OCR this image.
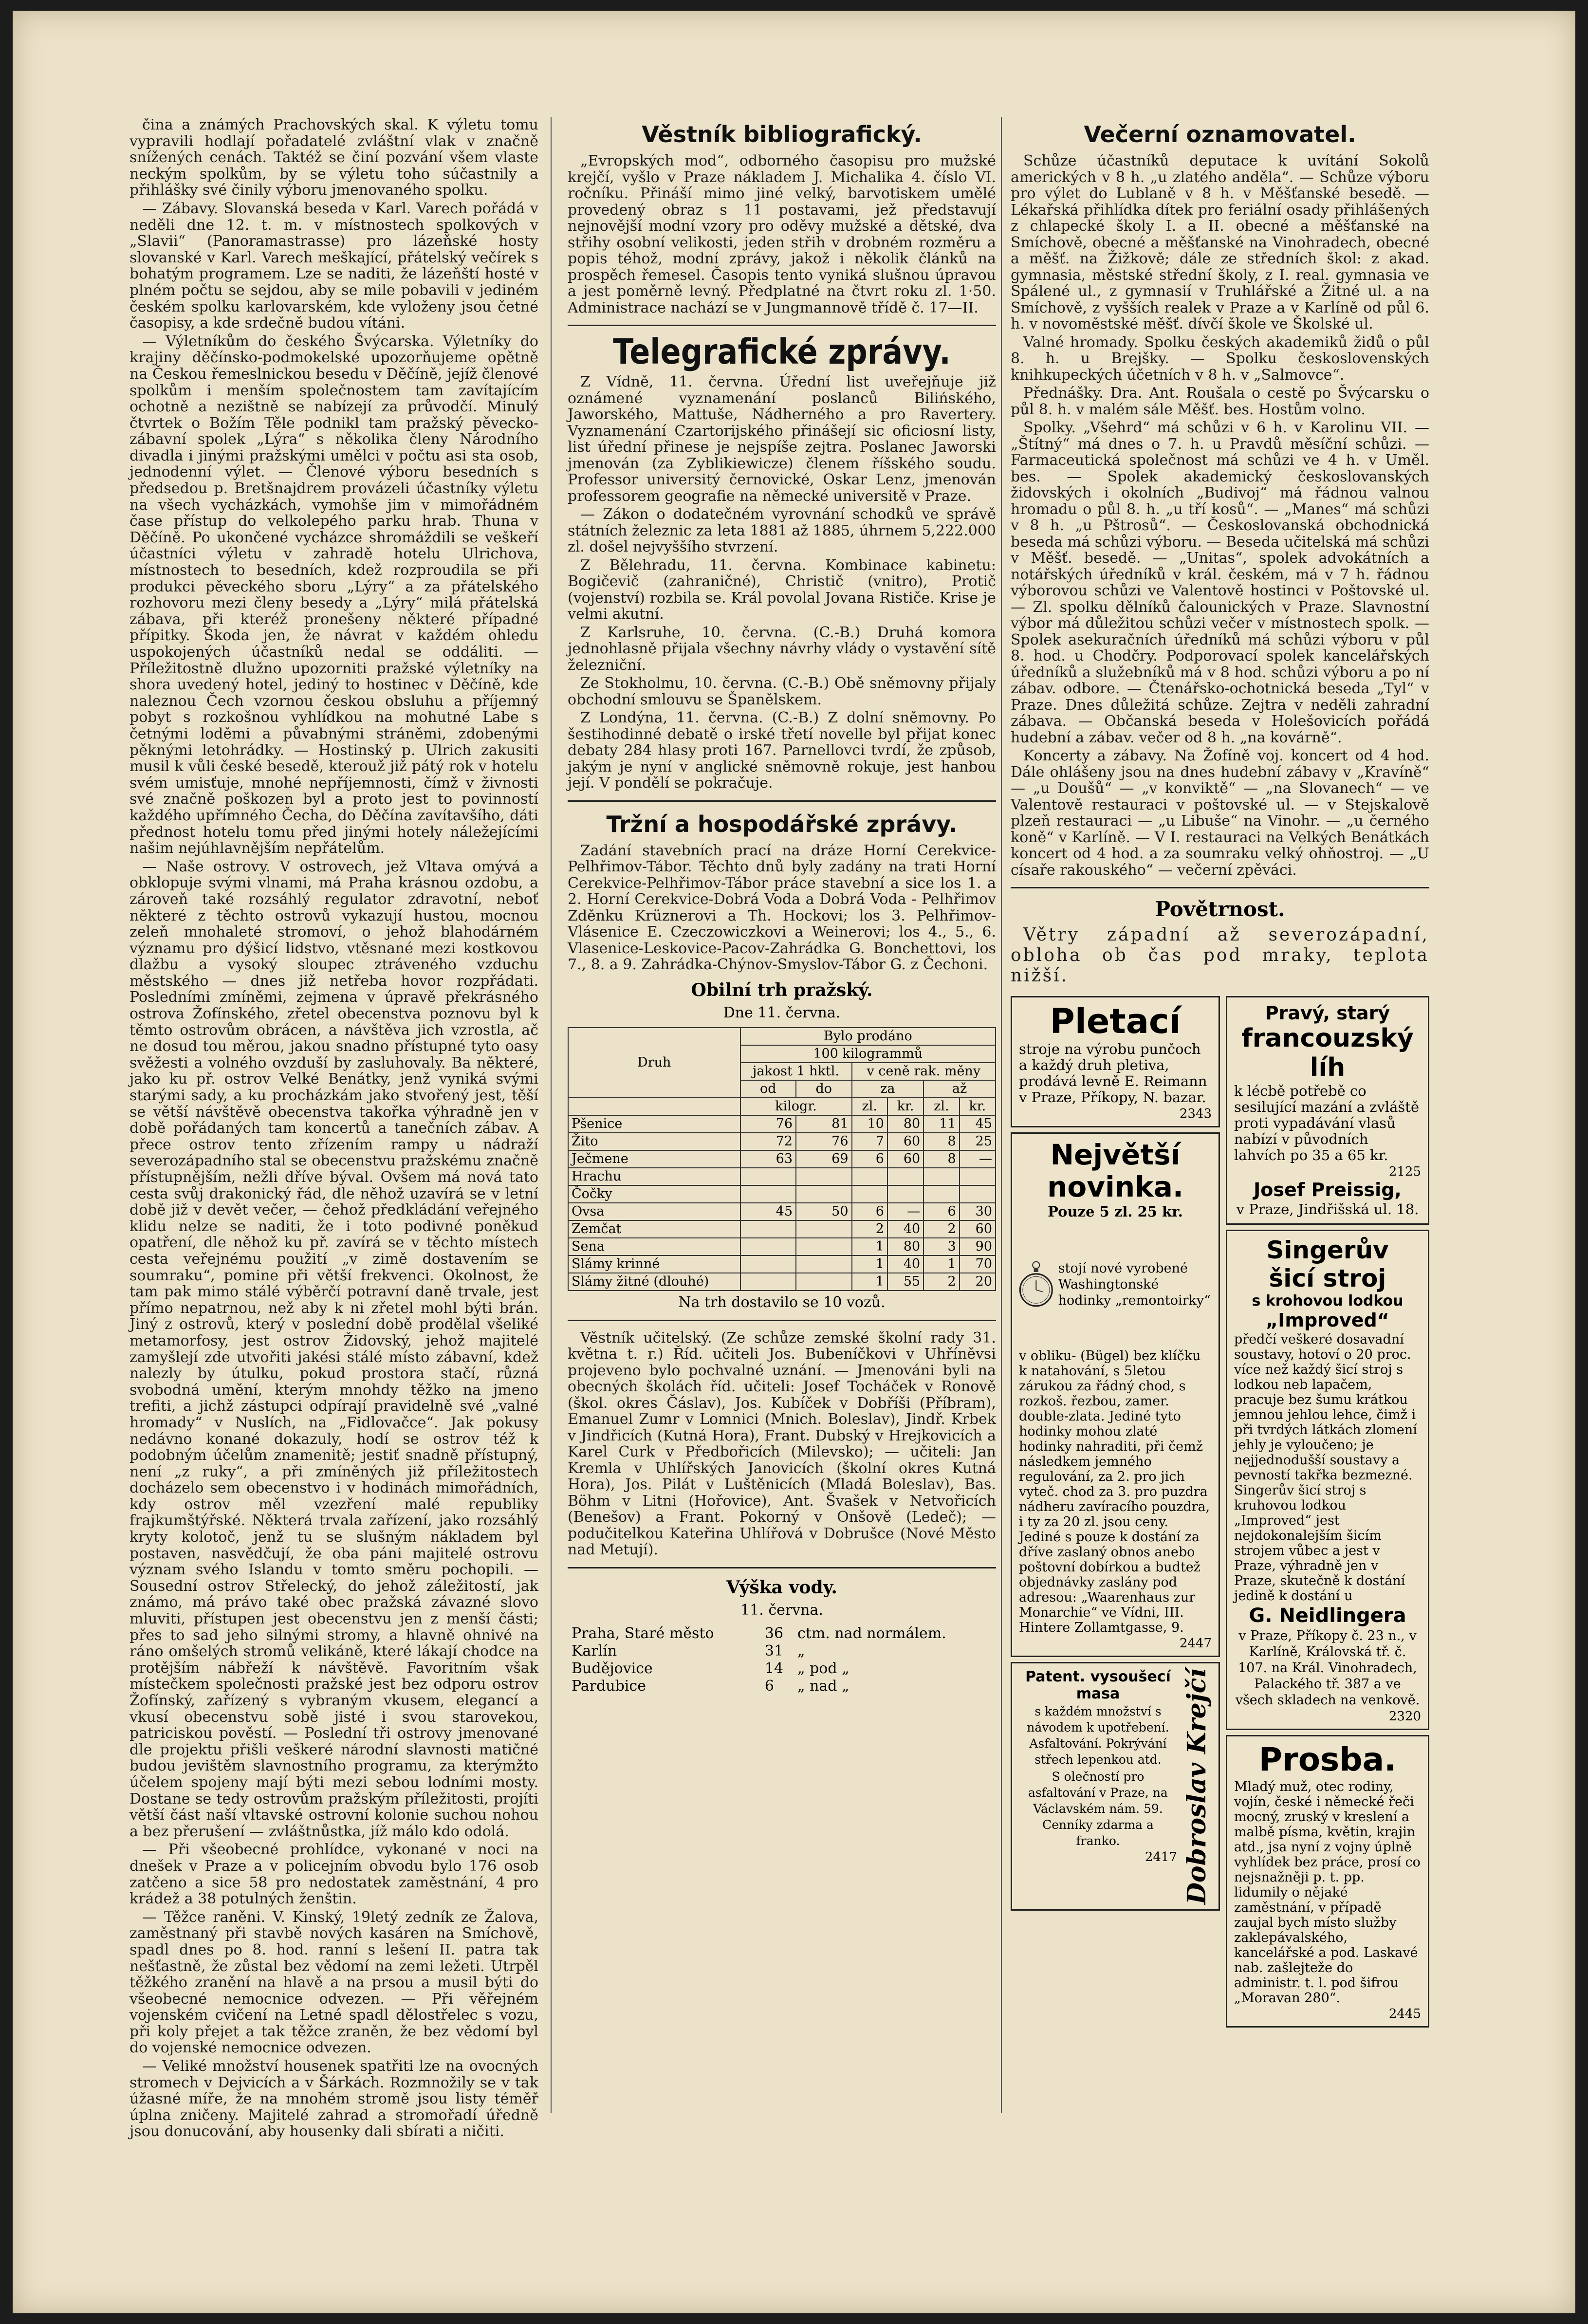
čina a známých Prachovských skal. K výletu tomu vypravili hodlají pořadatelé zvláštní vlak v značně snížených cenách. Taktéž se činí pozvání všem vlaste neckým spolkům, by se výletu toho súčastnily a přihlášky své činily výboru jmenovaného spolku.

— Zábavy. Slovanská beseda v Karl. Varech pořádá v neděli dne 12. t. m. v místnostech spolkových v „Slavii“ (Panoramastrasse) pro lázeňské hosty slovanské v Karl. Varech meškající, přátelský večírek s bohatým programem. Lze se naditi, že lázeňští hosté v plném počtu se sejdou, aby se mile pobavili v jediném českém spolku karlovarském, kde vyloženy jsou četné časopisy, a kde srdečně budou vítáni.

— Výletníkům do českého Švýcarska. Výletníky do krajiny děčínsko-podmokelské upozorňujeme opětně na Českou řemeslnickou besedu v Děčíně, jejíž členové spolkům i menším společnostem tam zavítajícím ochotně a nezištně se nabízejí za průvodčí. Minulý čtvrtek o Božím Těle podnikl tam pražský pěvecko-zábavní spolek „Lýra“ s několika členy Národního divadla i jinými pražskými umělci v počtu asi sta osob, jednodenní výlet. — Členové výboru besedních s předsedou p. Bretšnajdrem provázeli účastníky výletu na všech vycházkách, vymohše jim v mimořádném čase přístup do velkolepého parku hrab. Thuna v Děčíně. Po ukončené vycházce shromáždili se veškeří účastníci výletu v zahradě hotelu Ulrichova, místnostech to besedních, kdež rozproudila se při produkci pěveckého sboru „Lýry“ a za přátelského rozhovoru mezi členy besedy a „Lýry“ milá přátelská zábava, při kteréž pronešeny některé případné přípitky. Škoda jen, že návrat v každém ohledu uspokojených účastníků nedal se oddáliti. — Příležitostně dlužno upozorniti pražské výletníky na shora uvedený hotel, jediný to hostinec v Děčíně, kde naleznou Čech vzornou českou obsluhu a příjemný pobyt s rozkošnou vyhlídkou na mohutné Labe s četnými loděmi a půvabnými stráněmi, zdobenými pěknými letohrádky. — Hostinský p. Ulrich zakusiti musil k vůli české besedě, kterouž již pátý rok v hotelu svém umisťuje, mnohé nepříjemnosti, čímž v živnosti své značně poškozen byl a proto jest to povinností každého upřímného Čecha, do Děčína zavítavšího, dáti přednost hotelu tomu před jinými hotely náležejícími našim nejúhlavnějším nepřátelům.

— Naše ostrovy. V ostrovech, jež Vltava omývá a obklopuje svými vlnami, má Praha krásnou ozdobu, a zároveň také rozsáhlý regulator zdravotní, neboť některé z těchto ostrovů vykazují hustou, mocnou zeleň mnohaleté stromoví, o jehož blahodárném významu pro dýšicí lidstvo, vtěsnané mezi kostkovou dlažbu a vysoký sloupec ztráveného vzduchu městského — dnes již netřeba hovor rozpřádati. Posledními zmíněmi, zejmena v úpravě překrásného ostrova Žofínského, zřetel obecenstva poznovu byl k těmto ostrovům obrácen, a návštěva jich vzrostla, ač ne dosud tou měrou, jakou snadno přístupné tyto oasy svěžesti a volného ovzduší by zasluhovaly. Ba některé, jako ku př. ostrov Velké Benátky, jenž vyniká svými starými sady, a ku procházkám jako stvořený jest, těší se větší návštěvě obecenstva takořka výhradně jen v době pořádaných tam koncertů a tanečních zábav. A přece ostrov tento zřízením rampy u nádraží severozápadního stal se obecenstvu pražskému značně přístupnějším, nežli dříve býval. Ovšem má nová tato cesta svůj drakonický řád, dle něhož uzavírá se v letní době již v devět večer, — čehož předkládání veřejného klidu nelze se naditi, že i toto podivné poněkud opatření, dle něhož ku př. zavírá se v těchto místech cesta veřejnému použití „v zimě dostavením se soumraku“, pomine při větší frekvenci. Okolnost, že tam pak mimo stálé výběrčí potravní daně trvale, jest přímo nepatrnou, než aby k ni zřetel mohl býti brán. Jiný z ostrovů, který v poslední době prodělal všeliké metamorfosy, jest ostrov Židovský, jehož majitelé zamyšlejí zde utvořiti jakési stálé místo zábavní, kdež nalezly by útulku, pokud prostora stačí, různá svobodná umění, kterým mnohdy těžko na jmeno trefiti, a jichž zástupci odpírají pravidelně své „valné hromady“ v Nuslích, na „Fidlovačce“. Jak pokusy nedávno konané dokazuly, hodí se ostrov též k podobným účelům znamenitě; jestiť snadně přístupný, není „z ruky“, a při zmíněných již příležitostech docházelo sem obecenstvo i v hodinách mimořádních, kdy ostrov měl vzezření malé republiky frajkumštýřské. Některá trvala zařízení, jako rozsáhlý kryty kolotoč, jenž tu se slušným nákladem byl postaven, nasvědčují, že oba páni majitelé ostrovu význam svého Islandu v tomto směru pochopili. — Sousední ostrov Střelecký, do jehož záležitostí, jak známo, má právo také obec pražská závazné slovo mluviti, přístupen jest obecenstvu jen z menší části; přes to sad jeho silnými stromy, a hlavně ohnivé na ráno omšelých stromů velikáně, které lákají chodce na protějším nábřeží k návštěvě. Favoritním však místečkem společnosti pražské jest bez odporu ostrov Žofínský, zařízený s vybraným vkusem, elegancí a vkusí obecenstvu sobě jisté i svou starovekou, patriciskou pověstí. — Poslední tři ostrovy jmenované dle projektu přišli veškeré národní slavnosti matičné budou jevištěm slavnostního programu, za kterýmžto účelem spojeny mají býti mezi sebou lodními mosty. Dostane se tedy ostrovům pražským příležitosti, projíti větší část naší vltavské ostrovní kolonie suchou nohou a bez přerušení — zvláštnůstka, jíž málo kdo odolá.

— Při všeobecné prohlídce, vykonané v noci na dnešek v Praze a v policejním obvodu bylo 176 osob zatčeno a sice 58 pro nedostatek zaměstnání, 4 pro krádež a 38 potulných ženštin.

— Těžce raněni. V. Kinský, 19letý zedník ze Žalova, zaměstnaný při stavbě nových kasáren na Smíchově, spadl dnes po 8. hod. ranní s lešení II. patra tak nešťastně, že zůstal bez vědomí na zemi ležeti. Utrpěl těžkého zranění na hlavě a na prsou a musil býti do všeobecné nemocnice odvezen. — Při věřejném vojenském cvičení na Letné spadl dělostřelec s vozu, při koly přejet a tak těžce zraněn, že bez vědomí byl do vojenské nemocnice odvezen.

— Veliké množství housenek spatřiti lze na ovocných stromech v Dejvicích a v Šárkách. Rozmnožily se v tak úžasné míře, že na mnohém stromě jsou listy téměř úplna zničeny. Majitelé zahrad a stromořadí úředně jsou donucování, aby housenky dali sbírati a ničiti.

Věstník bibliografický.

„Evropských mod“, odborného časopisu pro mužské krejčí, vyšlo v Praze nákladem J. Michalika 4. číslo VI. ročníku. Přináší mimo jiné velký, barvotiskem umělé provedený obraz s 11 postavami, jež představují nejnovější modní vzory pro oděvy mužské a dětské, dva střihy osobní velikosti, jeden střih v drobném rozměru a popis téhož, modní zprávy, jakož i několik článků na prospěch řemesel. Časopis tento vyniká slušnou úpravou a jest poměrně levný. Předplatné na čtvrt roku zl. 1·50. Administrace nachází se v Jungmannově třídě č. 17—II.

Telegrafické zprávy.

Z Vídně, 11. června. Úřední list uveřejňuje již oznámené vyznamenání poslanců Bilińského, Jaworského, Mattuše, Nádherného a pro Ravertery. Vyznamenání Czartorijského přinášejí sic oficiosní listy, list úřední přinese je nejspíše zejtra. Poslanec Jaworski jmenován (za Zyblikiewicze) členem říšského soudu. Professor universitý černovické, Oskar Lenz, jmenován professorem geografie na německé universitě v Praze.

— Zákon o dodatečném vyrovnání schodků ve správě státních železnic za leta 1881 až 1885, úhrnem 5,222.000 zl. došel nejvyššího stvrzení.

Z Bělehradu, 11. června. Kombinace kabinetu: Bogičevič (zahraničné), Christič (vnitro), Protič (vojenství) rozbila se. Král povolal Jovana Rističe. Krise je velmi akutní.

Z Karlsruhe, 10. června. (C.-B.) Druhá komora jednohlasně přijala všechny návrhy vlády o vystavění sítě železniční.

Ze Stokholmu, 10. června. (C.-B.) Obě sněmovny přijaly obchodní smlouvu se Španělskem.

Z Londýna, 11. června. (C.-B.) Z dolní sněmovny. Po šestihodinné debatě o irské třetí novelle byl přijat konec debaty 284 hlasy proti 167. Parnellovci tvrdí, že způsob, jakým je nyní v anglické sněmovně rokuje, jest hanbou její. V pondělí se pokračuje.

Tržní a hospodářské zprávy.

Zadání stavebních prací na dráze Horní Cerekvice-Pelhřimov-Tábor. Těchto dnů byly zadány na trati Horní Cerekvice-Pelhřimov-Tábor práce stavební a sice los 1. a 2. Horní Cerekvice-Dobrá Voda a Dobrá Voda - Pelhřimov Zděnku Krüznerovi a Th. Hockovi; los 3. Pelhřimov-Vlásenice E. Czeczowiczkovi a Weinerovi; los 4., 5., 6. Vlasenice-Leskovice-Pacov-Zahrádka G. Bonchettovi, los 7., 8. a 9. Zahrádka-Chýnov-Smyslov-Tábor G. z Čechoni.

Obilní trh pražský.
Dne 11. června.
Druh	Bylo prodáno					
	100 kilogrammů					
	jakost 1 hktl.		v ceně rak. měny			
	od	do	za		až	
	kilogr.		zl.	kr.	zl.	kr.
Pšenice	76	81	10	80	11	45
Žito	72	76	7	60	8	25
Ječmene	63	69	6	60	8	—
Hrachu						
Čočky						
Ovsa	45	50	6	—	6	30
Zemčat			2	40	2	60
Sena			1	80	3	90
Slámy krinné			1	40	1	70
Slámy žitné (dlouhé)			1	55	2	20
Na trh dostavilo se 10 vozů.

Věstník učitelský. (Ze schůze zemské školní rady 31. května t. r.) Říd. učiteli Jos. Bubeníčkovi v Uhříněvsi projeveno bylo pochvalné uznání. — Jmenováni byli na obecných školách říd. učiteli: Josef Tocháček v Ronově (škol. okres Čáslav), Jos. Kubíček v Dobříši (Příbram), Emanuel Zumr v Lomnici (Mnich. Boleslav), Jindř. Krbek v Jindřicích (Kutná Hora), Frant. Dubský v Hrejkovicích a Karel Curk v Předbořicích (Milevsko); — učiteli: Jan Kremla v Uhlířských Janovicích (školní okres Kutná Hora), Jos. Pilát v Luštěnicích (Mladá Boleslav), Bas. Böhm v Litni (Hořovice), Ant. Švašek v Netvořicích (Benešov) a Frant. Pokorný v Onšově (Ledeč); — podučitelkou Kateřina Uhlířová v Dobrušce (Nové Město nad Metují).

Výška vody.
11. června.
Praha, Staré město	36	ctm. nad normálem.
Karlín	31	„
Budějovice	14	„ pod „
Pardubice	6	„ nad „
Večerní oznamovatel.

Schůze účastníků deputace k uvítání Sokolů amerických v 8 h. „u zlatého anděla“. — Schůze výboru pro výlet do Lublaně v 8 h. v Měšťanské besedě. — Lékařská přihlídka dítek pro feriální osady přihlášených z chlapecké školy I. a II. obecné a měšťanské na Smíchově, obecné a měšťanské na Vinohradech, obecné a měšť. na Žižkově; dále ze středních škol: z akad. gymnasia, městské střední školy, z I. real. gymnasia ve Spálené ul., z gymnasií v Truhlářské a Žitné ul. a na Smíchově, z vyšších realek v Praze a v Karlíně od půl 6. h. v novoměstské měšť. dívčí škole ve Školské ul.

Valné hromady. Spolku českých akademiků židů o půl 8. h. u Brejšky. — Spolku československých knihkupeckých účetních v 8 h. v „Salmovce“.

Přednášky. Dra. Ant. Roušala o cestě po Švýcarsku o půl 8. h. v malém sále Měšť. bes. Hostům volno.

Spolky. „Všehrd“ má schůzi v 6 h. v Karolinu VII. — „Štítný“ má dnes o 7. h. u Pravdů měsíční schůzi. — Farmaceutická společnost má schůzi ve 4 h. v Uměl. bes. — Spolek akademický českoslovanských židovských i okolních „Budivoj“ má řádnou valnou hromadu o půl 8. h. „u tří kosů“. — „Manes“ má schůzi v 8 h. „u Pštrosů“. — Českoslovanská obchodnická beseda má schůzi výboru. — Beseda učitelská má schůzi v Měšť. besedě. — „Unitas“, spolek advokátních a notářských úředníků v král. českém, má v 7 h. řádnou výborovou schůzi ve Valentově hostinci v Poštovské ul. — Zl. spolku dělníků čalounických v Praze. Slavnostní výbor má důležitou schůzi večer v místnostech spolk. — Spolek asekuračních úředníků má schůzi výboru v půl 8. hod. u Chodčry. Podporovací spolek kancelářských úředníků a služebníků má v 8 hod. schůzi výboru a po ní zábav. odbore. — Čtenářsko-ochotnická beseda „Tyl“ v Praze. Dnes důležitá schůze. Zejtra v neděli zahradní zábava. — Občanská beseda v Holešovicích pořádá hudební a zábav. večer od 8 h. „na kovárně“.

Koncerty a zábavy. Na Žofíně voj. koncert od 4 hod. Dále ohlášeny jsou na dnes hudební zábavy v „Kravíně“ — „u Doušů“ — „v konviktě“ — „na Slovanech“ — ve Valentově restauraci v poštovské ul. — v Stejskalově plzeň restauraci — „u Libuše“ na Vinohr. — „u černého koně“ v Karlíně. — V I. restauraci na Velkých Benátkách koncert od 4 hod. a za soumraku velký ohňostroj. — „U císaře rakouského“ — večerní zpěváci.

Povětrnost.

Větry západní až severozápadní, obloha ob čas pod mraky, teplota nižší.

Pletací
stroje na výrobu punčoch a každý druh pletiva, prodává levně E. Reimann v Praze, Příkopy, N. bazar.
2343
Největší novinka.
Pouze 5 zl. 25 kr.
stojí nové vyrobené Washingtonské hodinky „remontoirky“
v obliku- (Bügel) bez klíčku k natahování, s 5letou zárukou za řádný chod, s rozkoš. řezbou, zamer. double-zlata. Jediné tyto hodinky mohou zlaté hodinky nahraditi, při čemž následkem jemného regulování, za 2. pro jich vyteč. chod za 3. pro puzdra nádheru zavíracího pouzdra, i ty za 20 zl. jsou ceny. Jediné s pouze k dostání za dříve zaslaný obnos anebo poštovní dobírkou a budtež objednávky zaslány pod adresou: „Waarenhaus zur Monarchie“ ve Vídni, III. Hintere Zollamtgasse, 9.
2447
Patent. vysoušecí masa
s každém množství s návodem k upotřebení. Asfaltování. Pokrývání střech lepenkou atd.
S olečností pro asfaltování v Praze, na Václavském nám. 59. Cenníky zdarma a franko.
2417 Dobroslav Krejčí
Pravý, starý
francouzský líh
k lécbě potřebě co sesilující mazání a zvláště proti vypadávání vlasů nabízí v původních lahvích po 35 a 65 kr.
2125
Josef Preissig,
v Praze, Jindřišská ul. 18.
Singerův
šicí stroj
s krohovou lodkou
„Improved“
předčí veškeré dosavadní soustavy, hotoví o 20 proc. více než každý šicí stroj s lodkou neb lapačem, pracuje bez šumu krátkou jemnou jehlou lehce, čimž i při tvrdých látkách zlomení jehly je vyloučeno; je nejjednodušší soustavy a pevností takřka bezmezné. Singerův šicí stroj s kruhovou lodkou „Improved“ jest nejdokonalejším šicím strojem vůbec a jest v Praze, výhradně jen v Praze, skutečně k dostání jedině k dostání u
G. Neidlingera
v Praze, Příkopy č. 23 n., v Karlíně, Královská tř. č. 107. na Král. Vinohradech, Palackého tř. 387 a ve všech skladech na venkově.
2320
Prosba.
Mladý muž, otec rodiny, vojín, české i německé řeči mocný, zruský v kreslení a malbě písma, květin, krajin atd., jsa nyní z vojny úplně vyhlídek bez práce, prosí co nejsnažněji p. t. pp. lidumily o nějaké zaměstnání, v případě zaujal bych místo služby zaklepávalského, kancelářské a pod. Laskavé nab. zašlejteže do administr. t. l. pod šifrou „Moravan 280“.
2445
